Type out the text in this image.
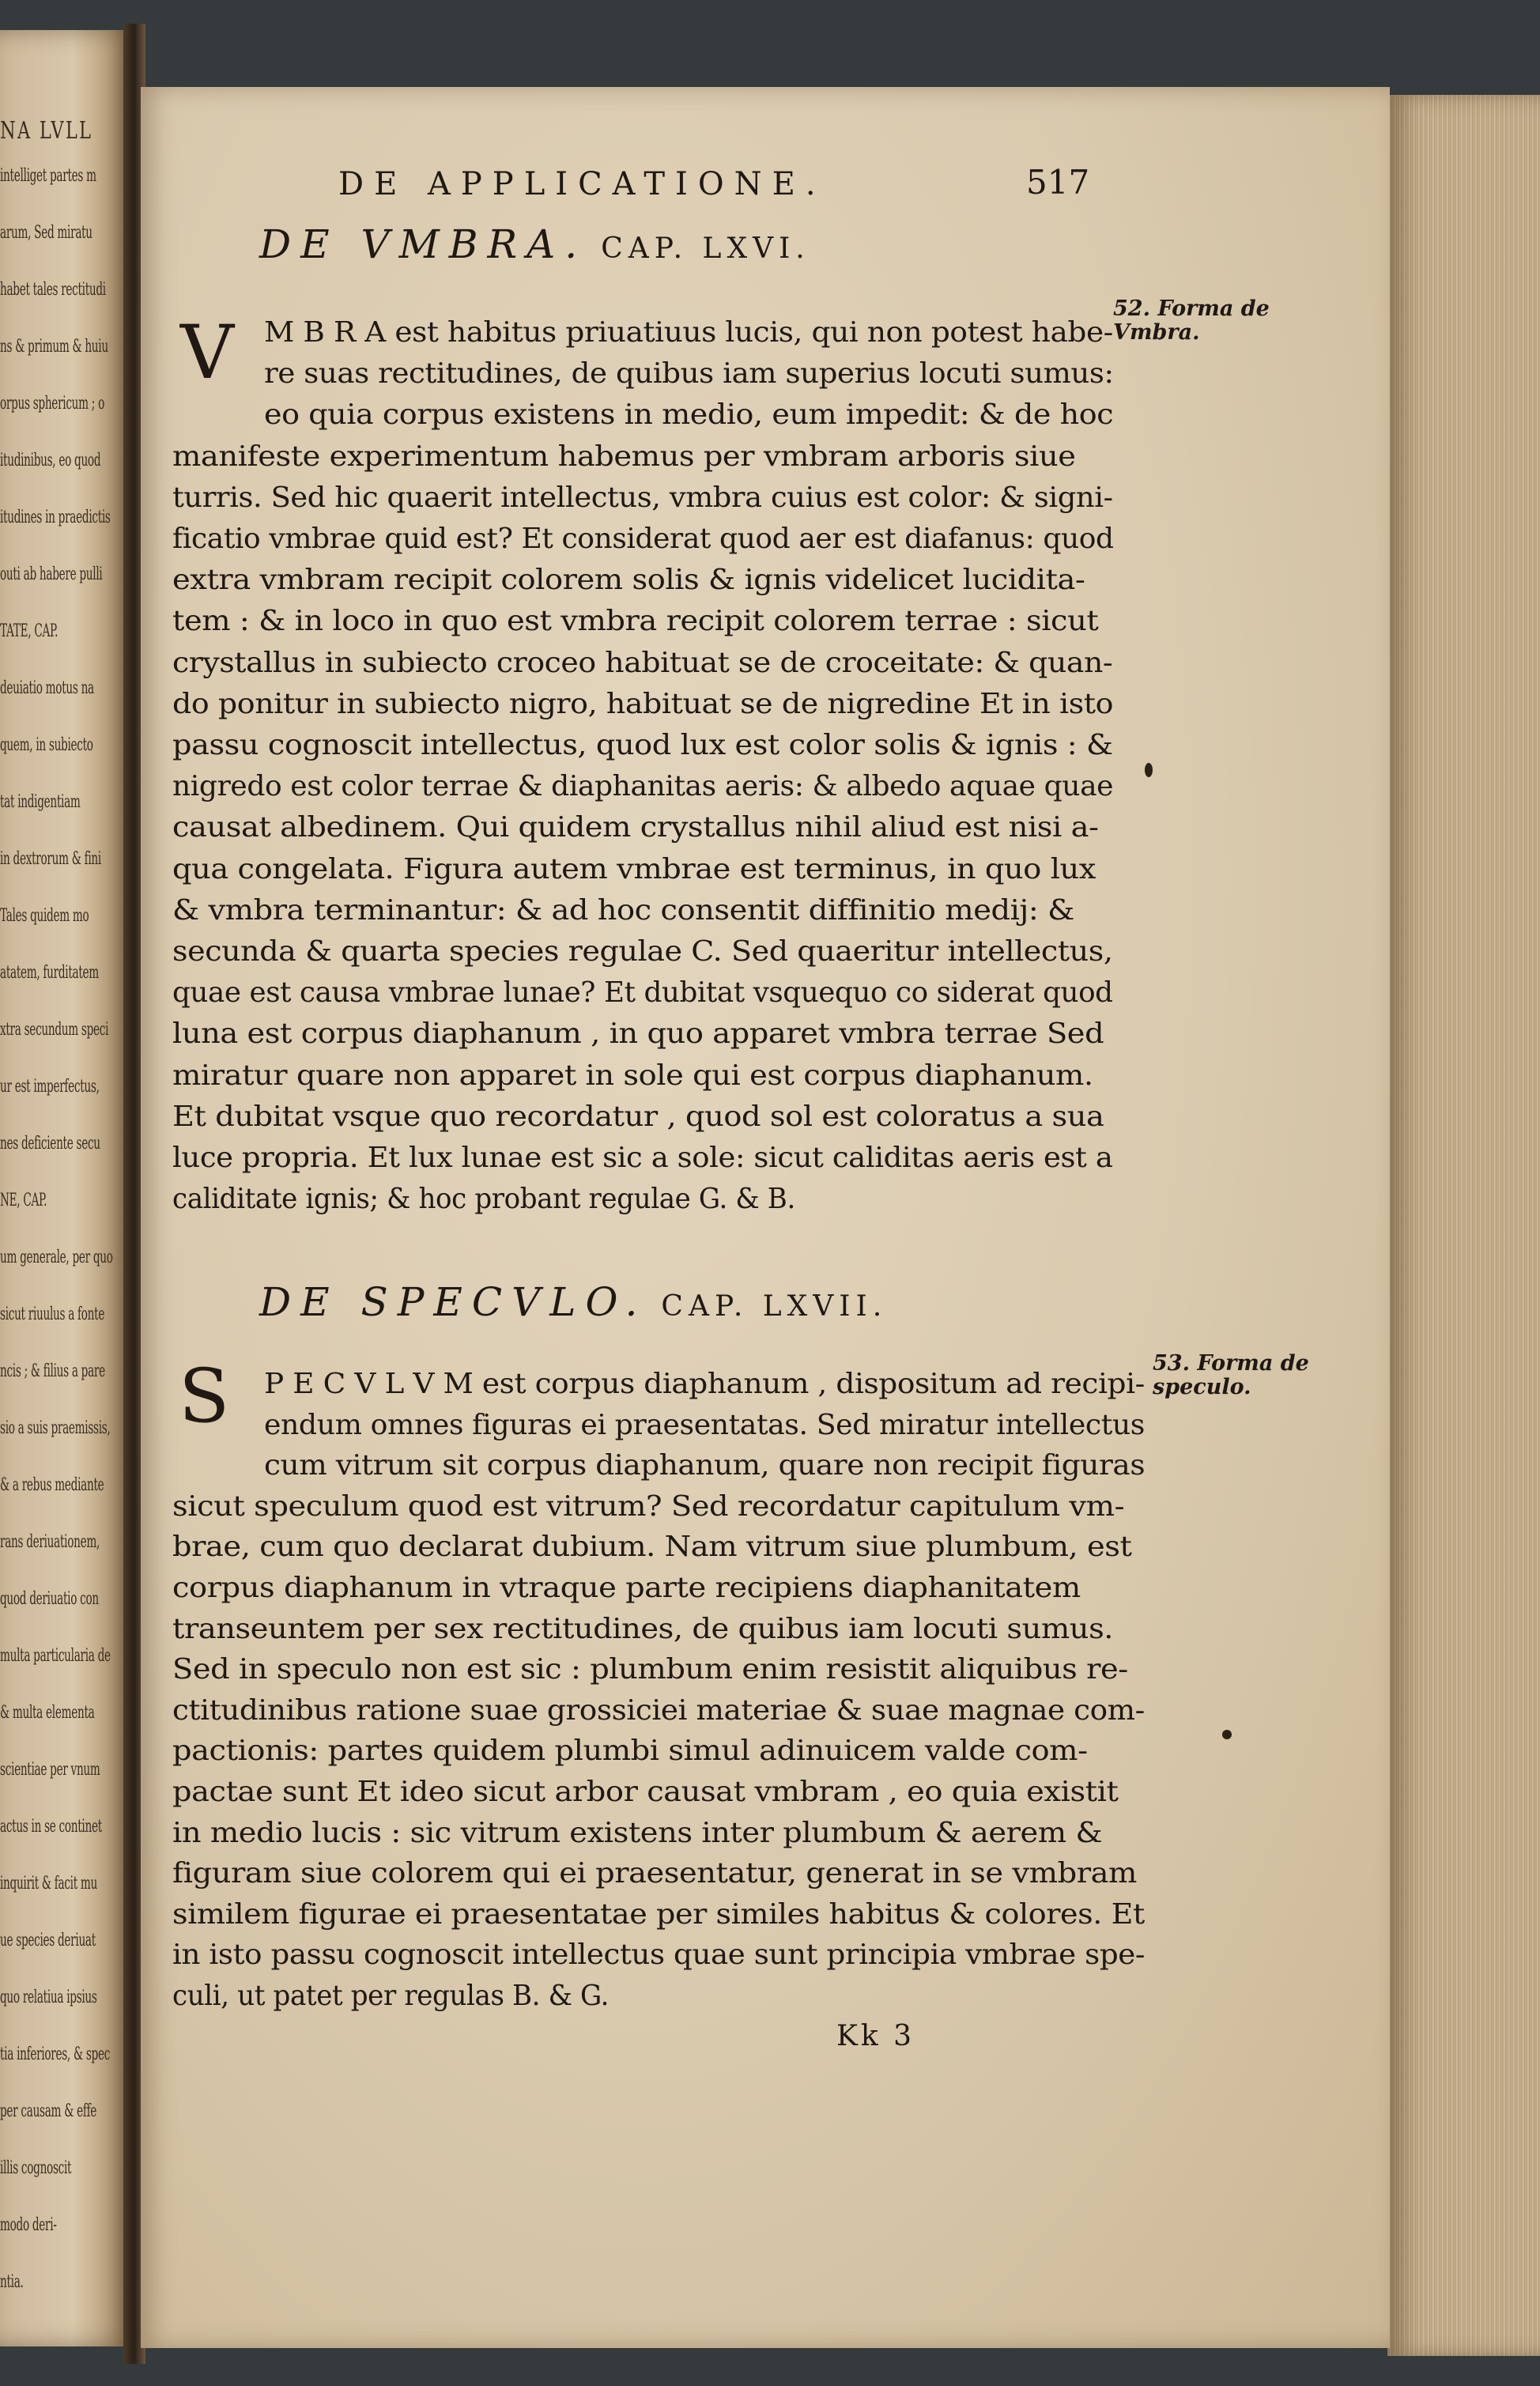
NA LVLL
intelliget partes m
arum, Sed miratu
habet tales rectitudi
ns & primum & huiu
orpus sphericum ; o
itudinibus, eo quod
itudines in praedictis
outi ab habere pulli
TATE, CAP.
deuiatio motus na
quem, in subiecto
tat indigentiam
in dextrorum & fini
Tales quidem mo
atatem, furditatem
xtra secundum speci
ur est imperfectus,
nes deficiente secu
NE, CAP.
um generale, per quo
sicut riuulus a fonte
ncis ; & filius a pare
sio a suis praemissis,
& a rebus mediante
rans deriuationem,
quod deriuatio con
multa particularia de
& multa elementa
scientiae per vnum
actus in se continet
inquirit & facit mu
ue species deriuat
quo relatiua ipsius
tia inferiores, & spec
per causam & effe
illis cognoscit
modo deri-
ntia.
DE APPLICATIONE.	517
DE VMBRA. CAP. LXVI.
V
52. Forma de
Vmbra.
M B R A est habitus priuatiuus lucis, qui non potest habe-
re suas rectitudines, de quibus iam superius locuti sumus:
eo quia corpus existens in medio, eum impedit: & de hoc
manifeste experimentum habemus per vmbram arboris siue
turris. Sed hic quaerit intellectus, vmbra cuius est color: & signi-
ficatio vmbrae quid est? Et considerat quod aer est diafanus: quod
extra vmbram recipit colorem solis & ignis videlicet luciditа-
tem : & in loco in quo est vmbra recipit colorem terrae : sicut
crystallus in subiecto croceo habituat se de croceitate: & quan-
do ponitur in subiecto nigro, habituat se de nigredine Et in isto
passu cognoscit intellectus, quod lux est color solis & ignis : &
nigredo est color terrae & diaphanitas aeris: & albedo aquae quae
causat albedinem. Qui quidem crystallus nihil aliud est nisi a-
qua congelata. Figura autem vmbrae est terminus, in quo lux
& vmbra terminantur: & ad hoc consentit diffinitio medij: &
secunda & quarta species regulae C. Sed quaeritur intellectus,
quae est causa vmbrae lunae? Et dubitat vsquequo co siderat quod
luna est corpus diaphanum , in quo apparet vmbra terrae Sed
miratur quare non apparet in sole qui est corpus diaphanum.
Et dubitat vsque quo recordatur , quod sol est coloratus a sua
luce propria. Et lux lunae est sic a sole: sicut caliditas aeris est a
caliditate ignis; & hoc probant regulae G. & B.
DE SPECVLO. CAP. LXVII.
S	53. Forma de
speculo.
P E C V L V M est corpus diaphanum , dispositum ad recipi-
endum omnes figuras ei praesentatas. Sed miratur intellectus
cum vitrum sit corpus diaphanum, quare non recipit figuras
sicut speculum quod est vitrum? Sed recordatur capitulum vm-
brae, cum quo declarat dubium. Nam vitrum siue plumbum, est
corpus diaphanum in vtraque parte recipiens diaphanitatem
transeuntem per sex rectitudines, de quibus iam locuti sumus.
Sed in speculo non est sic : plumbum enim resistit aliquibus re-
ctitudinibus ratione suae grossiciei materiae & suae magnae com-
pactionis: partes quidem plumbi simul adinuicem valde com-
pactae sunt Et ideo sicut arbor causat vmbram , eo quia existit
in medio lucis : sic vitrum existens inter plumbum & aerem &
figuram siue colorem qui ei praesentatur, generat in se vmbram
similem figurae ei praesentatae per similes habitus & colores. Et
in isto passu cognoscit intellectus quae sunt principia vmbrae spe-
culi, ut patet per regulas B. & G.
Kk 3
